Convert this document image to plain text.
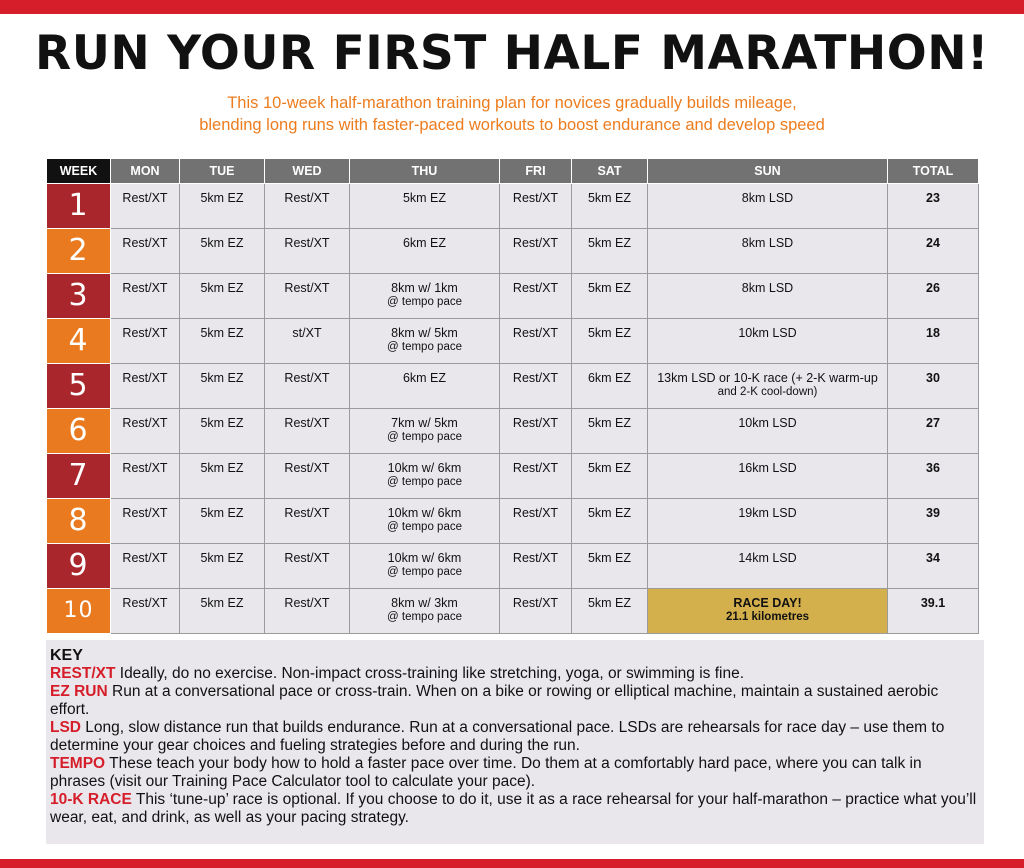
RUN YOUR FIRST HALF MARATHON!
This 10-week half-marathon training plan for novices gradually builds mileage,
blending long runs with faster-paced workouts to boost endurance and develop speed
WEEK	MON	TUE	WED	THU	FRI	SAT	SUN	TOTAL
1	Rest/XT	5km EZ	Rest/XT	5km EZ	Rest/XT	5km EZ	8km LSD	23
2	Rest/XT	5km EZ	Rest/XT	6km EZ	Rest/XT	5km EZ	8km LSD	24
3	Rest/XT	5km EZ	Rest/XT	8km w/ 1km
@ tempo pace	Rest/XT	5km EZ	8km LSD	26
4	Rest/XT	5km EZ	st/XT	8km w/ 5km
@ tempo pace	Rest/XT	5km EZ	10km LSD	18
5	Rest/XT	5km EZ	Rest/XT	6km EZ	Rest/XT	6km EZ	13km LSD or 10-K race (+ 2-K warm-up
and 2-K cool-down)	30
6	Rest/XT	5km EZ	Rest/XT	7km w/ 5km
@ tempo pace	Rest/XT	5km EZ	10km LSD	27
7	Rest/XT	5km EZ	Rest/XT	10km w/ 6km
@ tempo pace	Rest/XT	5km EZ	16km LSD	36
8	Rest/XT	5km EZ	Rest/XT	10km w/ 6km
@ tempo pace	Rest/XT	5km EZ	19km LSD	39
9	Rest/XT	5km EZ	Rest/XT	10km w/ 6km
@ tempo pace	Rest/XT	5km EZ	14km LSD	34
10	Rest/XT	5km EZ	Rest/XT	8km w/ 3km
@ tempo pace	Rest/XT	5km EZ	RACE DAY!
21.1 kilometres	39.1
KEY
REST/XT Ideally, do no exercise. Non-impact cross-training like stretching, yoga, or swimming is fine.
EZ RUN Run at a conversational pace or cross-train. When on a bike or rowing or elliptical machine, maintain a sustained aerobic effort.
LSD Long, slow distance run that builds endurance. Run at a conversational pace. LSDs are rehearsals for race day – use them to determine your gear choices and fueling strategies before and during the run.
TEMPO These teach your body how to hold a faster pace over time. Do them at a comfortably hard pace, where you can talk in phrases (visit our Training Pace Calculator tool to calculate your pace).
10-K RACE This ‘tune-up’ race is optional. If you choose to do it, use it as a race rehearsal for your half-marathon – practice what you’ll wear, eat, and drink, as well as your pacing strategy.
